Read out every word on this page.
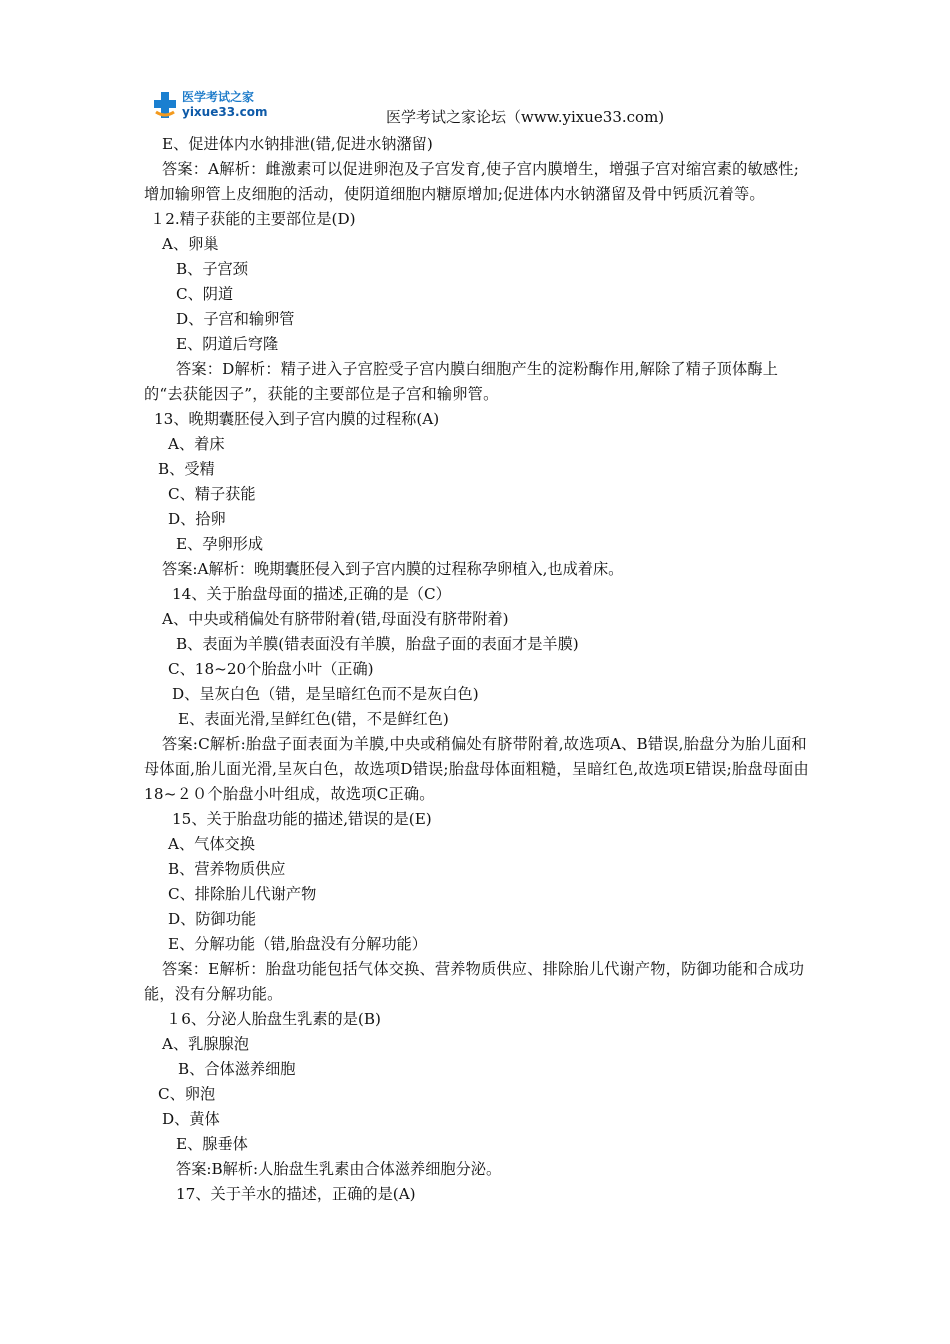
医学考试之家
yixue33.com	医学考试之家论坛（www.yixue33.com)
E、促进体内水钠排泄(错,促进水钠潴留)
答案：A解析：雌激素可以促进卵泡及子宫发育,使子宫内膜增生，增强子宫对缩宫素的敏感性;增加输卵管上皮细胞的活动，使阴道细胞内糖原增加;促进体内水钠潴留及骨中钙质沉着等。
１2.精子获能的主要部位是(D)
A、卵巢
B、子宫颈
C、阴道
D、子宫和输卵管
E、阴道后穹隆
答案：D解析：精子进入子宫腔受子宫内膜白细胞产生的淀粉酶作用,解除了精子顶体酶上的“去获能因子”，获能的主要部位是子宫和输卵管。
13、晚期囊胚侵入到子宫内膜的过程称(A)
A、着床
B、受精
C、精子获能
D、拾卵
E、孕卵形成
答案:A解析：晚期囊胚侵入到子宫内膜的过程称孕卵植入,也成着床。
14、关于胎盘母面的描述,正确的是（C）
A、中央或稍偏处有脐带附着(错,母面没有脐带附着)
B、表面为羊膜(错表面没有羊膜，胎盘子面的表面才是羊膜)
C、18~20个胎盘小叶（正确)
D、呈灰白色（错，是呈暗红色而不是灰白色)
E、表面光滑,呈鲜红色(错，不是鲜红色)
答案:C解析:胎盘子面表面为羊膜,中央或稍偏处有脐带附着,故选项A、B错误,胎盘分为胎儿面和母体面,胎儿面光滑,呈灰白色，故选项D错误;胎盘母体面粗糙，呈暗红色,故选项E错误;胎盘母面由18~２０个胎盘小叶组成，故选项C正确。
15、关于胎盘功能的描述,错误的是(E)
A、气体交换
B、营养物质供应
C、排除胎儿代谢产物
D、防御功能
E、分解功能（错,胎盘没有分解功能）
答案：E解析：胎盘功能包括气体交换、营养物质供应、排除胎儿代谢产物，防御功能和合成功能，没有分解功能。
１6、分泌人胎盘生乳素的是(B)
A、乳腺腺泡
B、合体滋养细胞
C、卵泡
D、黄体
E、腺垂体
答案:B解析:人胎盘生乳素由合体滋养细胞分泌。
17、关于羊水的描述，正确的是(A)
